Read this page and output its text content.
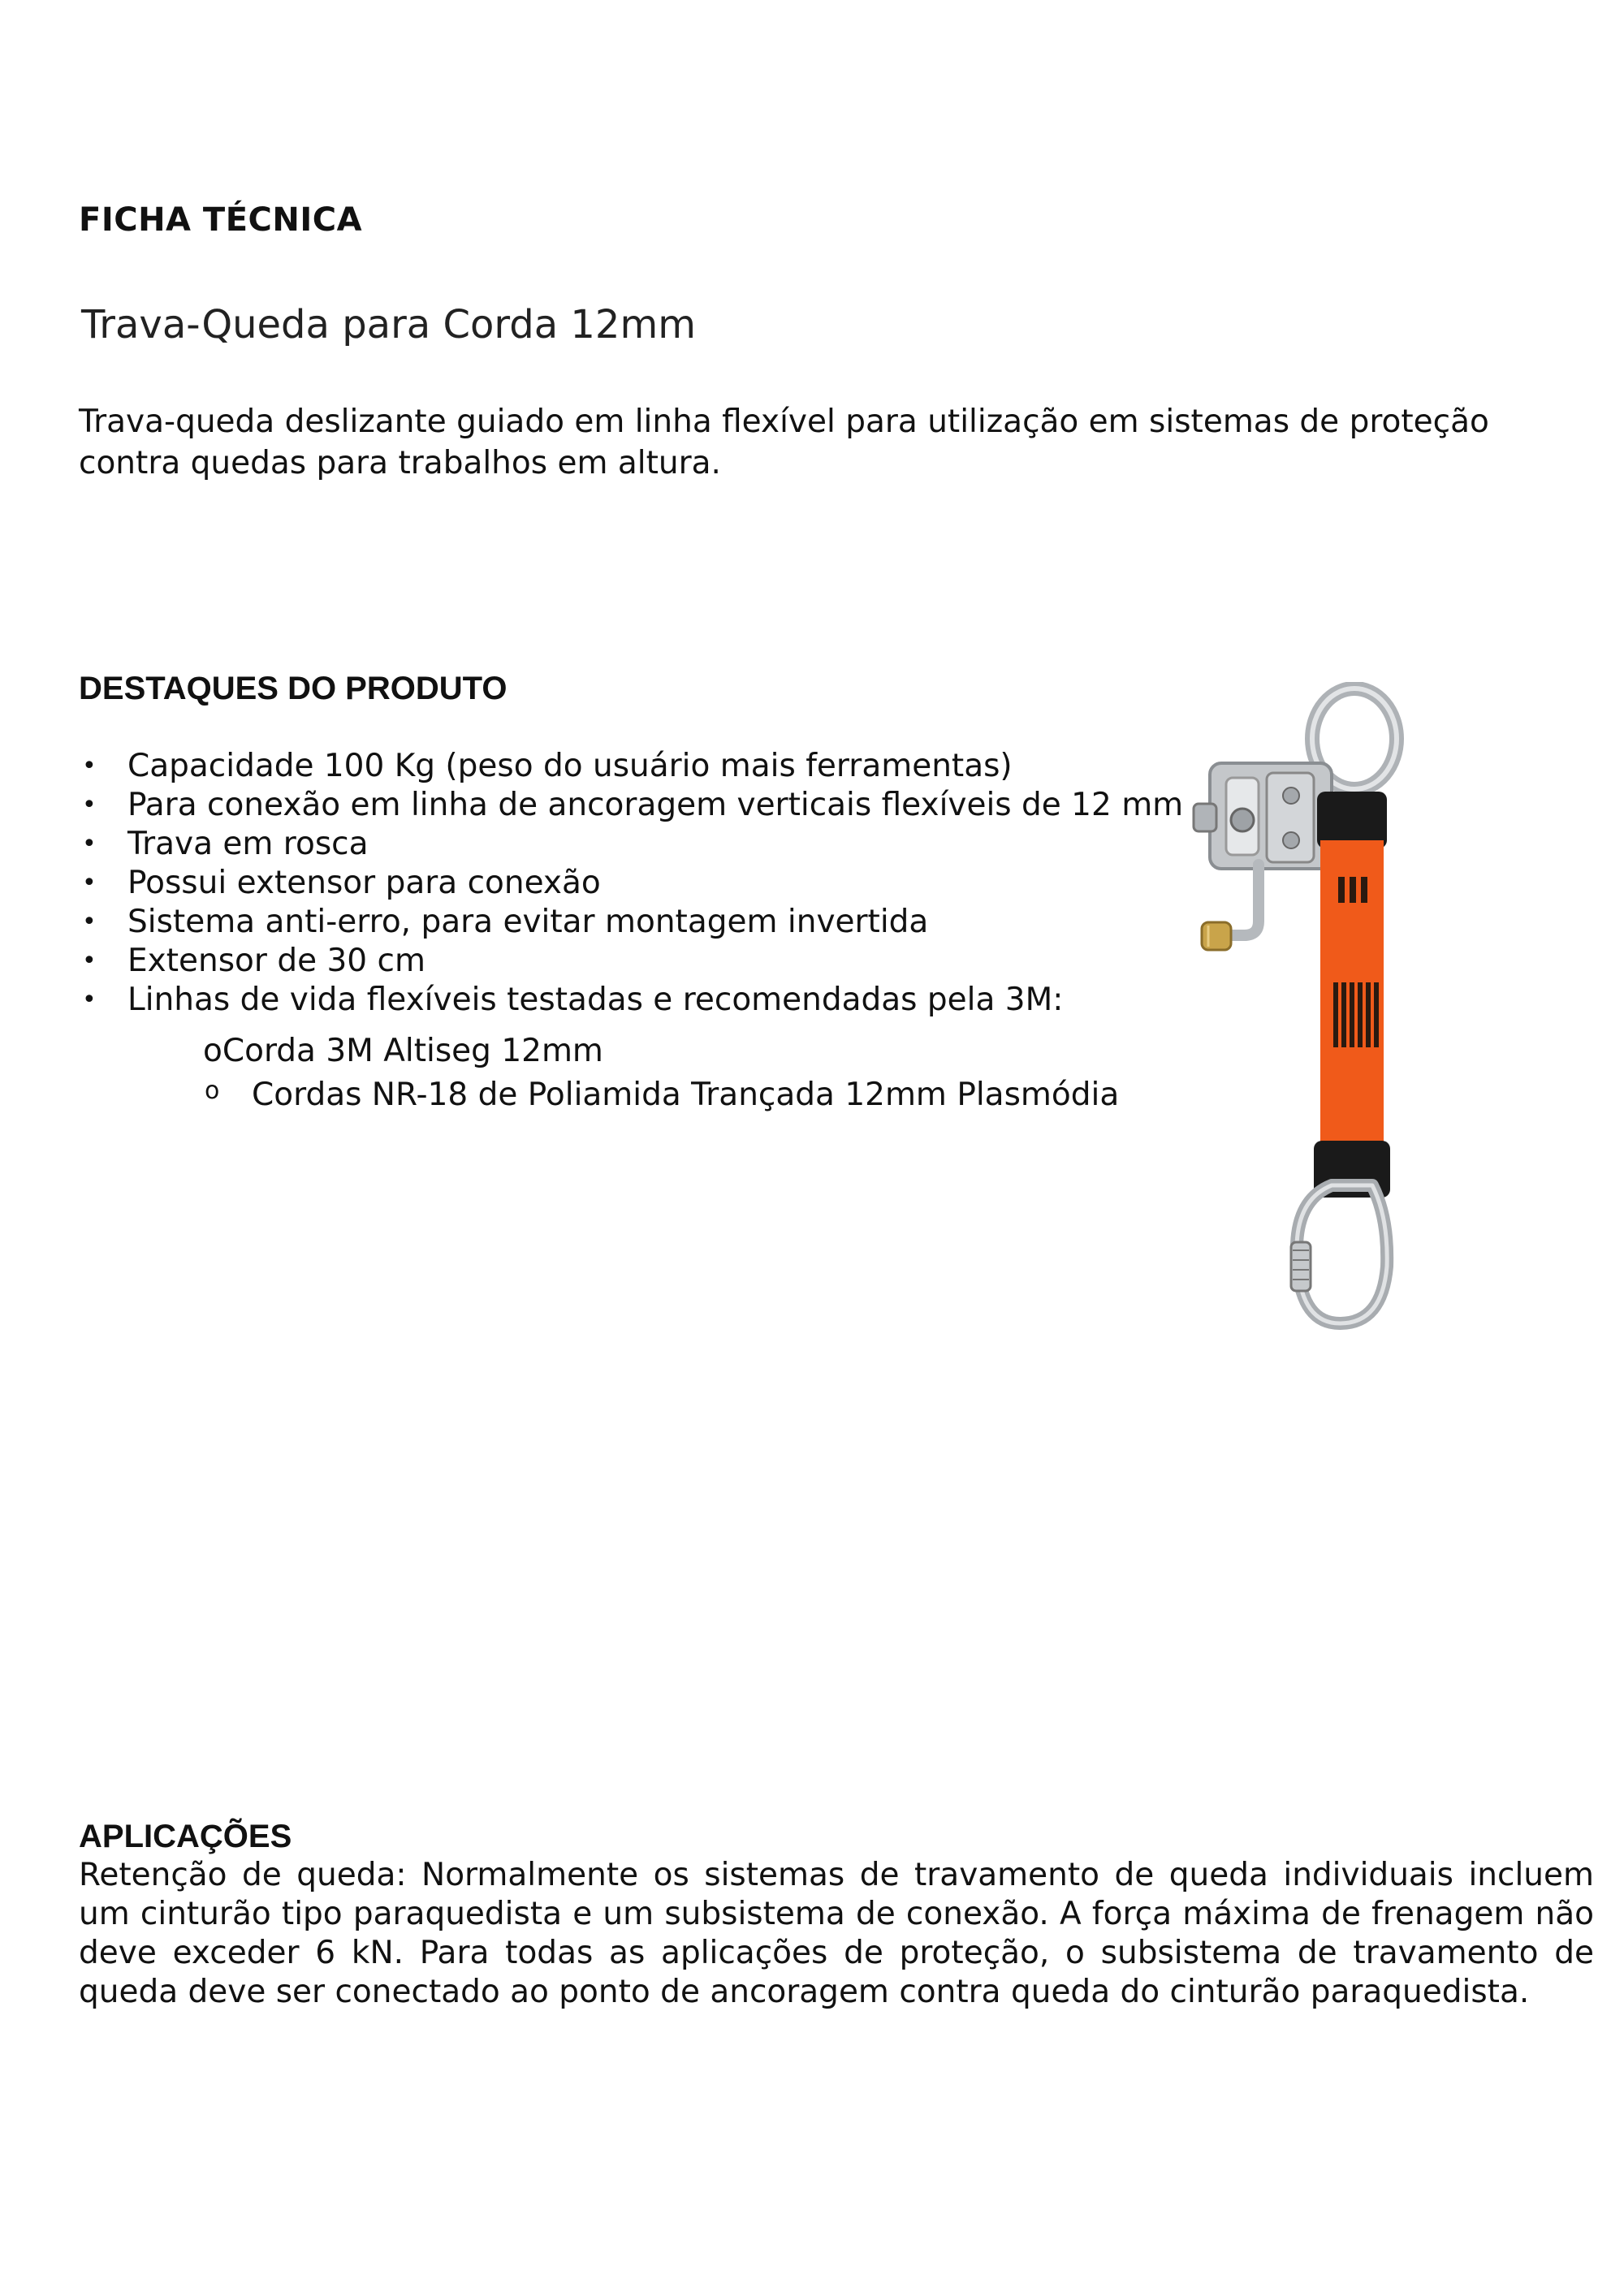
FICHA TÉCNICA
Trava-Queda para Corda 12mm
Trava-queda deslizante guiado em linha flexível para utilização em sistemas de proteção contra quedas para trabalhos em altura.
DESTAQUES DO PRODUTO
• Capacidade 100 Kg (peso do usuário mais ferramentas)
• Para conexão em linha de ancoragem verticais flexíveis de 12 mm
• Trava em rosca
• Possui extensor para conexão
• Sistema anti-erro, para evitar montagem invertida
• Extensor de 30 cm
• Linhas de vida flexíveis testadas e recomendadas pela 3M:
oCorda 3M Altiseg 12mm
o Cordas NR-18 de Poliamida Trançada 12mm Plasmódia
APLICAÇÕES
Retenção de queda: Normalmente os sistemas de travamento de queda individuais incluem um cinturão tipo paraquedista e um subsistema de conexão. A força máxima de frenagem não deve exceder 6 kN. Para todas as aplicações de proteção, o subsistema de travamento de queda deve ser conectado ao ponto de ancoragem contra queda do cinturão paraquedista.
